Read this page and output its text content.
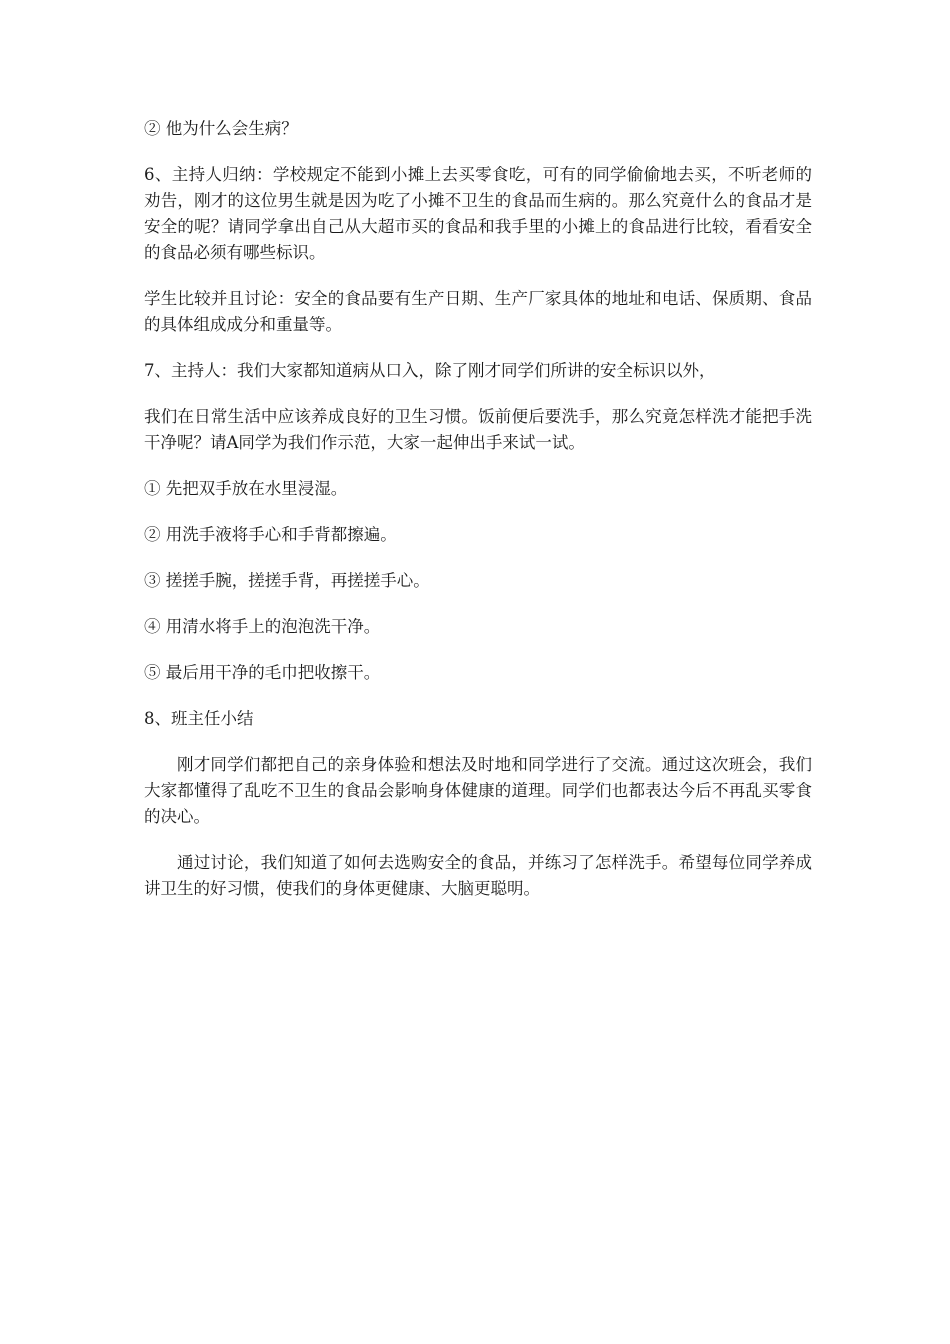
② 他为什么会生病？

6、主持人归纳：学校规定不能到小摊上去买零食吃，可有的同学偷偷地去买，不听老师的劝告，刚才的这位男生就是因为吃了小摊不卫生的食品而生病的。那么究竟什么的食品才是安全的呢？请同学拿出自己从大超市买的食品和我手里的小摊上的食品进行比较，看看安全的食品必须有哪些标识。

学生比较并且讨论：安全的食品要有生产日期、生产厂家具体的地址和电话、保质期、食品的具体组成成分和重量等。

7、主持人：我们大家都知道病从口入，除了刚才同学们所讲的安全标识以外，

我们在日常生活中应该养成良好的卫生习惯。饭前便后要洗手，那么究竟怎样洗才能把手洗干净呢？请A同学为我们作示范，大家一起伸出手来试一试。

① 先把双手放在水里浸湿。

② 用洗手液将手心和手背都擦遍。

③ 搓搓手腕，搓搓手背，再搓搓手心。

④ 用清水将手上的泡泡洗干净。

⑤ 最后用干净的毛巾把收擦干。

8、班主任小结

刚才同学们都把自己的亲身体验和想法及时地和同学进行了交流。通过这次班会，我们大家都懂得了乱吃不卫生的食品会影响身体健康的道理。同学们也都表达今后不再乱买零食的决心。

通过讨论，我们知道了如何去选购安全的食品，并练习了怎样洗手。希望每位同学养成讲卫生的好习惯，使我们的身体更健康、大脑更聪明。
